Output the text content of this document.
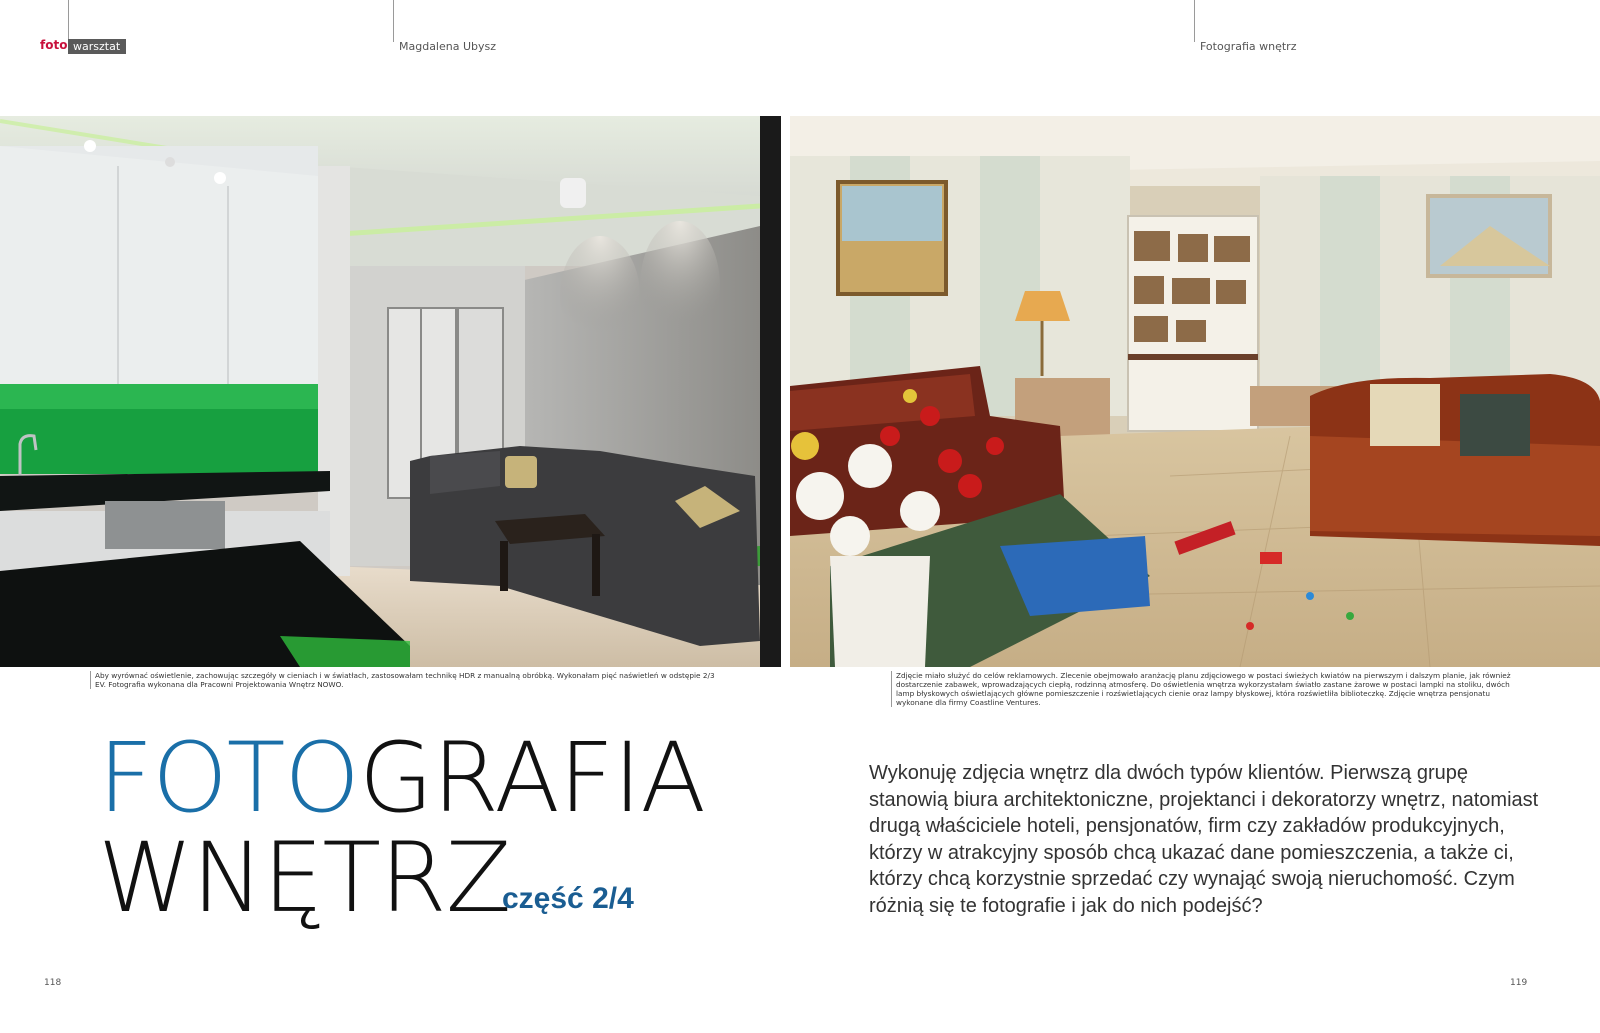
foto warsztat	Magdalena Ubysz	Fotografia wnętrz
Aby wyrównać oświetlenie, zachowując szczegóły w cieniach i w światłach, zastosowałam technikę HDR z manualną obróbką. Wykonałam pięć naświetleń w odstępie 2/3 EV. Fotografia wykonana dla Pracowni Projektowania Wnętrz NOWO.
Zdjęcie miało służyć do celów reklamowych. Zlecenie obejmowało aranżację planu zdjęciowego w postaci świeżych kwiatów na pierwszym i dalszym planie, jak również dostarczenie zabawek, wprowadzających ciepłą, rodzinną atmosferę. Do oświetlenia wnętrza wykorzystałam światło zastane żarowe w postaci lampki na stoliku, dwóch lamp błyskowych oświetlających główne pomieszczenie i rozświetlających cienie oraz lampy błyskowej, która rozświetliła biblioteczkę. Zdjęcie wnętrza pensjonatu wykonane dla firmy Coastline Ventures.
FOTOGRAFIA
WNĘTRZ
część 2/4
Wykonuję zdjęcia wnętrz dla dwóch typów klientów. Pierwszą grupę stanowią biura architektoniczne, projektanci i dekoratorzy wnętrz, natomiast drugą właściciele hoteli, pensjonatów, firm czy zakładów produkcyjnych, którzy w atrakcyjny sposób chcą ukazać dane pomieszczenia, a także ci, którzy chcą korzystnie sprzedać czy wynająć swoją nieruchomość. Czym różnią się te fotografie i jak do nich podejść?
118	119
